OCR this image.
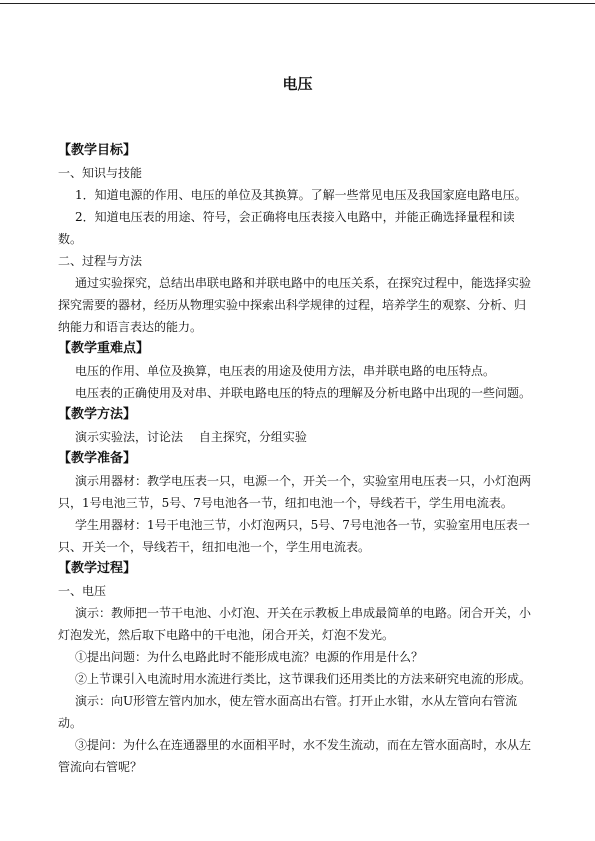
电压

【教学目标】

一、知识与技能

1．知道电源的作用、电压的单位及其换算。了解一些常见电压及我国家庭电路电压。

2．知道电压表的用途、符号，会正确将电压表接入电路中，并能正确选择量程和读数。

二、过程与方法

通过实验探究，总结出串联电路和并联电路中的电压关系，在探究过程中，能选择实验探究需要的器材，经历从物理实验中探索出科学规律的过程，培养学生的观察、分析、归纳能力和语言表达的能力。

【教学重难点】

电压的作用、单位及换算，电压表的用途及使用方法，串并联电路的电压特点。

电压表的正确使用及对串、并联电路电压的特点的理解及分析电路中出现的一些问题。

【教学方法】

演示实验法，讨论法　 自主探究，分组实验

【教学准备】

演示用器材：教学电压表一只，电源一个，开关一个，实验室用电压表一只，小灯泡两只，1号电池三节，5号、7号电池各一节，纽扣电池一个，导线若干，学生用电流表。

学生用器材：1号干电池三节，小灯泡两只，5号、7号电池各一节，实验室用电压表一只、开关一个，导线若干，纽扣电池一个，学生用电流表。

【教学过程】

一、电压

演示：教师把一节干电池、小灯泡、开关在示教板上串成最简单的电路。闭合开关，小灯泡发光，然后取下电路中的干电池，闭合开关，灯泡不发光。

①提出问题：为什么电路此时不能形成电流？电源的作用是什么？

②上节课引入电流时用水流进行类比，这节课我们还用类比的方法来研究电流的形成。

演示：向U形管左管内加水，使左管水面高出右管。打开止水钳，水从左管向右管流动。

③提问：为什么在连通器里的水面相平时，水不发生流动，而在左管水面高时，水从左管流向右管呢？
